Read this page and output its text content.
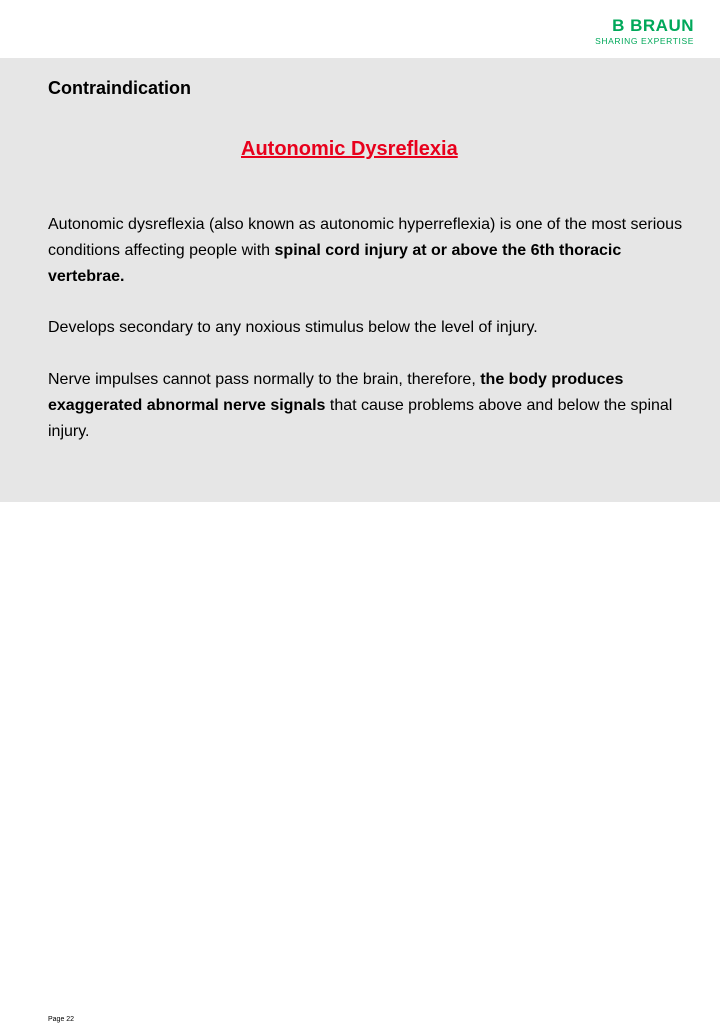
B BRAUN
SHARING EXPERTISE
Contraindication
Autonomic Dysreflexia

Autonomic dysreflexia (also known as autonomic hyperreflexia) is one of the most serious conditions affecting people with spinal cord injury at or above the 6th thoracic vertebrae.

Develops secondary to any noxious stimulus below the level of injury.

Nerve impulses cannot pass normally to the brain, therefore, the body produces exaggerated abnormal nerve signals that cause problems above and below the spinal injury.

Page 22
